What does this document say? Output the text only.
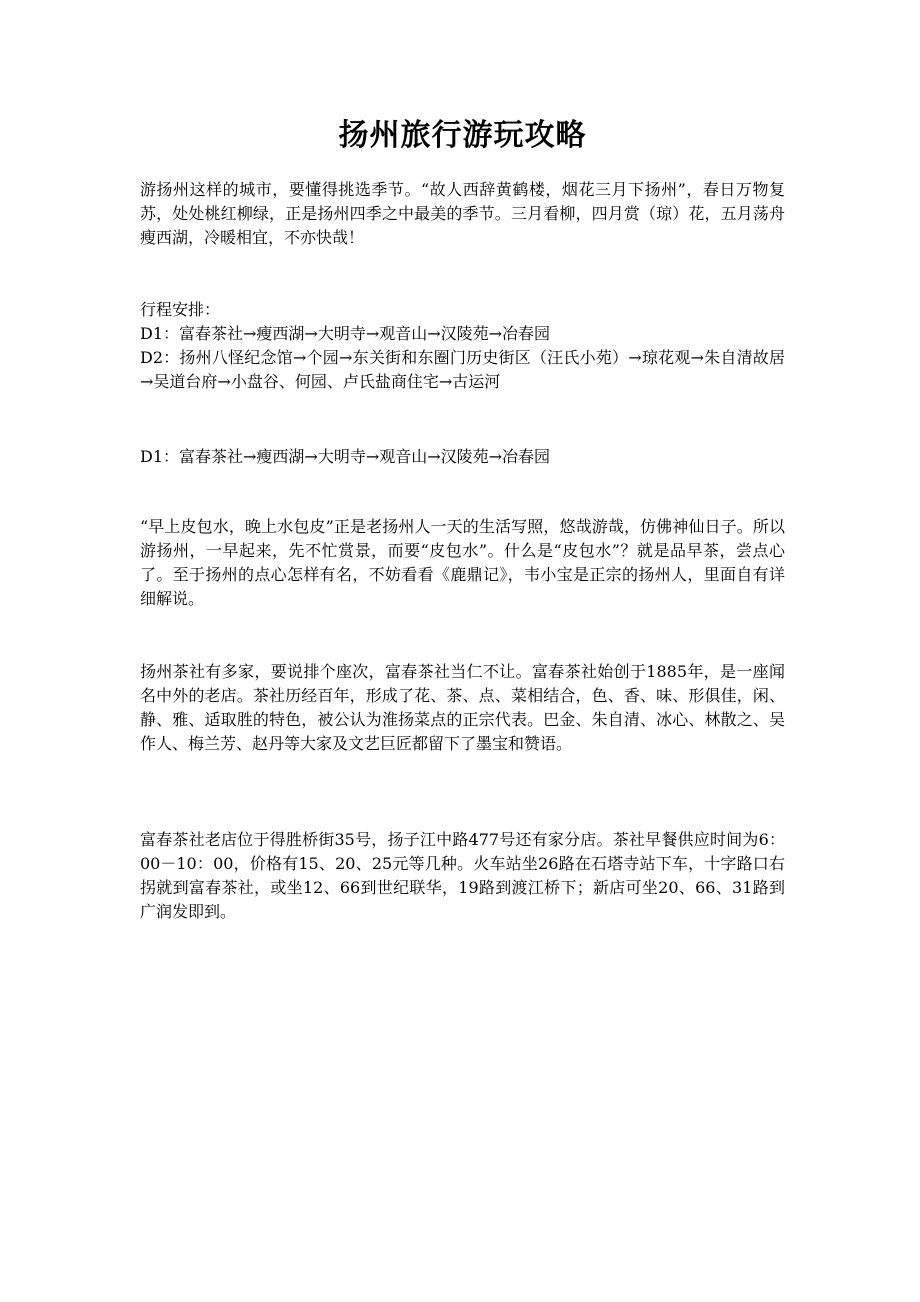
扬州旅行游玩攻略

游扬州这样的城市，要懂得挑选季节。“故人西辞黄鹤楼，烟花三月下扬州”，春日万物复苏，处处桃红柳绿，正是扬州四季之中最美的季节。三月看柳，四月赏（琼）花，五月荡舟瘦西湖，冷暖相宜，不亦快哉！

行程安排：
D1：富春茶社→瘦西湖→大明寺→观音山→汉陵苑→冶春园
D2：扬州八怪纪念馆→个园→东关街和东圈门历史街区（汪氏小苑）→琼花观→朱自清故居→吴道台府→小盘谷、何园、卢氏盐商住宅→古运河

D1：富春茶社→瘦西湖→大明寺→观音山→汉陵苑→冶春园

“早上皮包水，晚上水包皮”正是老扬州人一天的生活写照，悠哉游哉，仿佛神仙日子。所以游扬州，一早起来，先不忙赏景，而要“皮包水”。什么是“皮包水”？就是品早茶，尝点心了。至于扬州的点心怎样有名，不妨看看《鹿鼎记》，韦小宝是正宗的扬州人，里面自有详细解说。

扬州茶社有多家，要说排个座次，富春茶社当仁不让。富春茶社始创于1885年，是一座闻名中外的老店。茶社历经百年，形成了花、茶、点、菜相结合，色、香、味、形俱佳，闲、静、雅、适取胜的特色，被公认为淮扬菜点的正宗代表。巴金、朱自清、冰心、林散之、吴作人、梅兰芳、赵丹等大家及文艺巨匠都留下了墨宝和赞语。

富春茶社老店位于得胜桥街35号，扬子江中路477号还有家分店。茶社早餐供应时间为6：00－10：00，价格有15、20、25元等几种。火车站坐26路在石塔寺站下车，十字路口右拐就到富春茶社，或坐12、66到世纪联华，19路到渡江桥下；新店可坐20、66、31路到广润发即到。
